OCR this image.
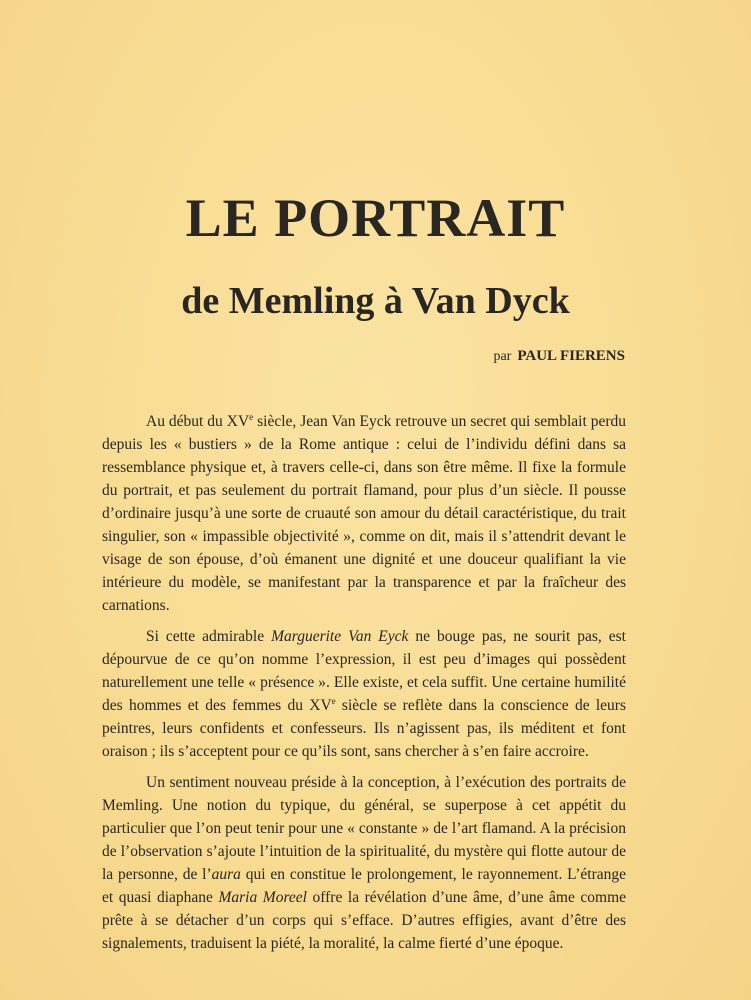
LE PORTRAIT
de Memling à Van Dyck
par PAUL FIERENS

Au début du XVe siècle, Jean Van Eyck retrouve un secret qui semblait perdu depuis les « bustiers » de la Rome antique : celui de l’individu défini dans sa ressemblance physique et, à travers celle-ci, dans son être même. Il fixe la formule du portrait, et pas seulement du portrait flamand, pour plus d’un siècle. Il pousse d’ordinaire jusqu’à une sorte de cruauté son amour du détail caractéristique, du trait singulier, son « impassible objectivité », comme on dit, mais il s’attendrit devant le visage de son épouse, d’où émanent une dignité et une douceur qualifiant la vie intérieure du modèle, se manifestant par la transparence et par la fraîcheur des carnations.

Si cette admirable Marguerite Van Eyck ne bouge pas, ne sourit pas, est dépourvue de ce qu’on nomme l’expression, il est peu d’images qui possèdent naturellement une telle « présence ». Elle existe, et cela suffit. Une certaine humilité des hommes et des femmes du XVe siècle se reflète dans la conscience de leurs peintres, leurs confidents et confesseurs. Ils n’agissent pas, ils méditent et font oraison ; ils s’acceptent pour ce qu’ils sont, sans chercher à s’en faire accroire.

Un sentiment nouveau préside à la conception, à l’exécution des portraits de Memling. Une notion du typique, du général, se superpose à cet appétit du particulier que l’on peut tenir pour une « constante » de l’art flamand. A la précision de l’observation s’ajoute l’intuition de la spiritualité, du mystère qui flotte autour de la personne, de l’aura qui en constitue le prolongement, le rayonnement. L’étrange et quasi diaphane Maria Moreel offre la révélation d’une âme, d’une âme comme prête à se détacher d’un corps qui s’efface. D’autres effigies, avant d’être des signalements, traduisent la piété, la moralité, la calme fierté d’une époque.
